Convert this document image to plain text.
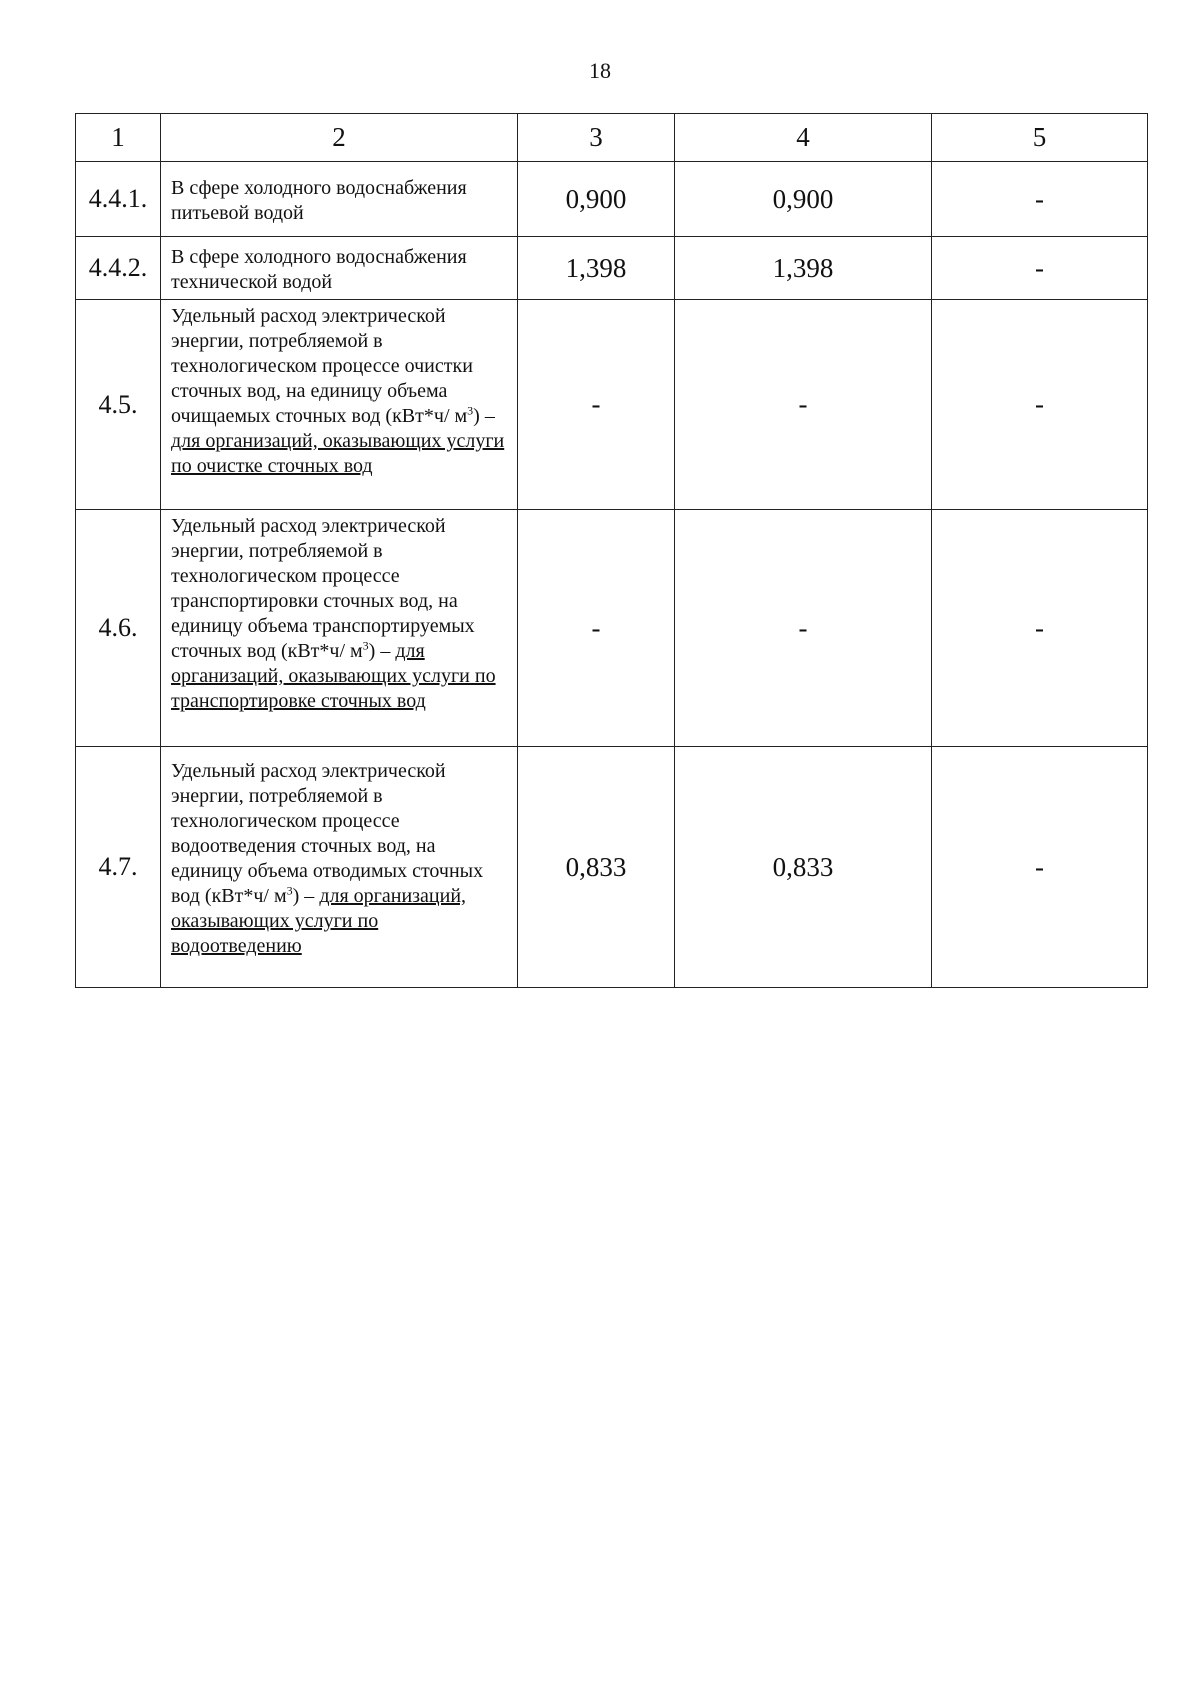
18
1	2	3	4	5
4.4.1.	В сфере холодного водоснабжения питьевой водой	0,900	0,900	-
4.4.2.	В сфере холодного водоснабжения технической водой	1,398	1,398	-
4.5.	Удельный расход электрической энергии, потребляемой в технологическом процессе очистки сточных вод, на единицу объема очищаемых сточных вод (кВт*ч/ $м^3$) – для организаций, оказывающих услуги по очистке сточных вод	-	-	-
4.6.	Удельный расход электрической энергии, потребляемой в технологическом процессе транспортировки сточных вод, на единицу объема транспортируемых сточных вод (кВт*ч/ $м^3$) – для организаций, оказывающих услуги по транспортировке сточных вод	-	-	-
4.7.	Удельный расход электрической энергии, потребляемой в технологическом процессе водоотведения сточных вод, на единицу объема отводимых сточных вод (кВт*ч/ $м^3$) – для организаций, оказывающих услуги по водоотведению	0,833	0,833	-
